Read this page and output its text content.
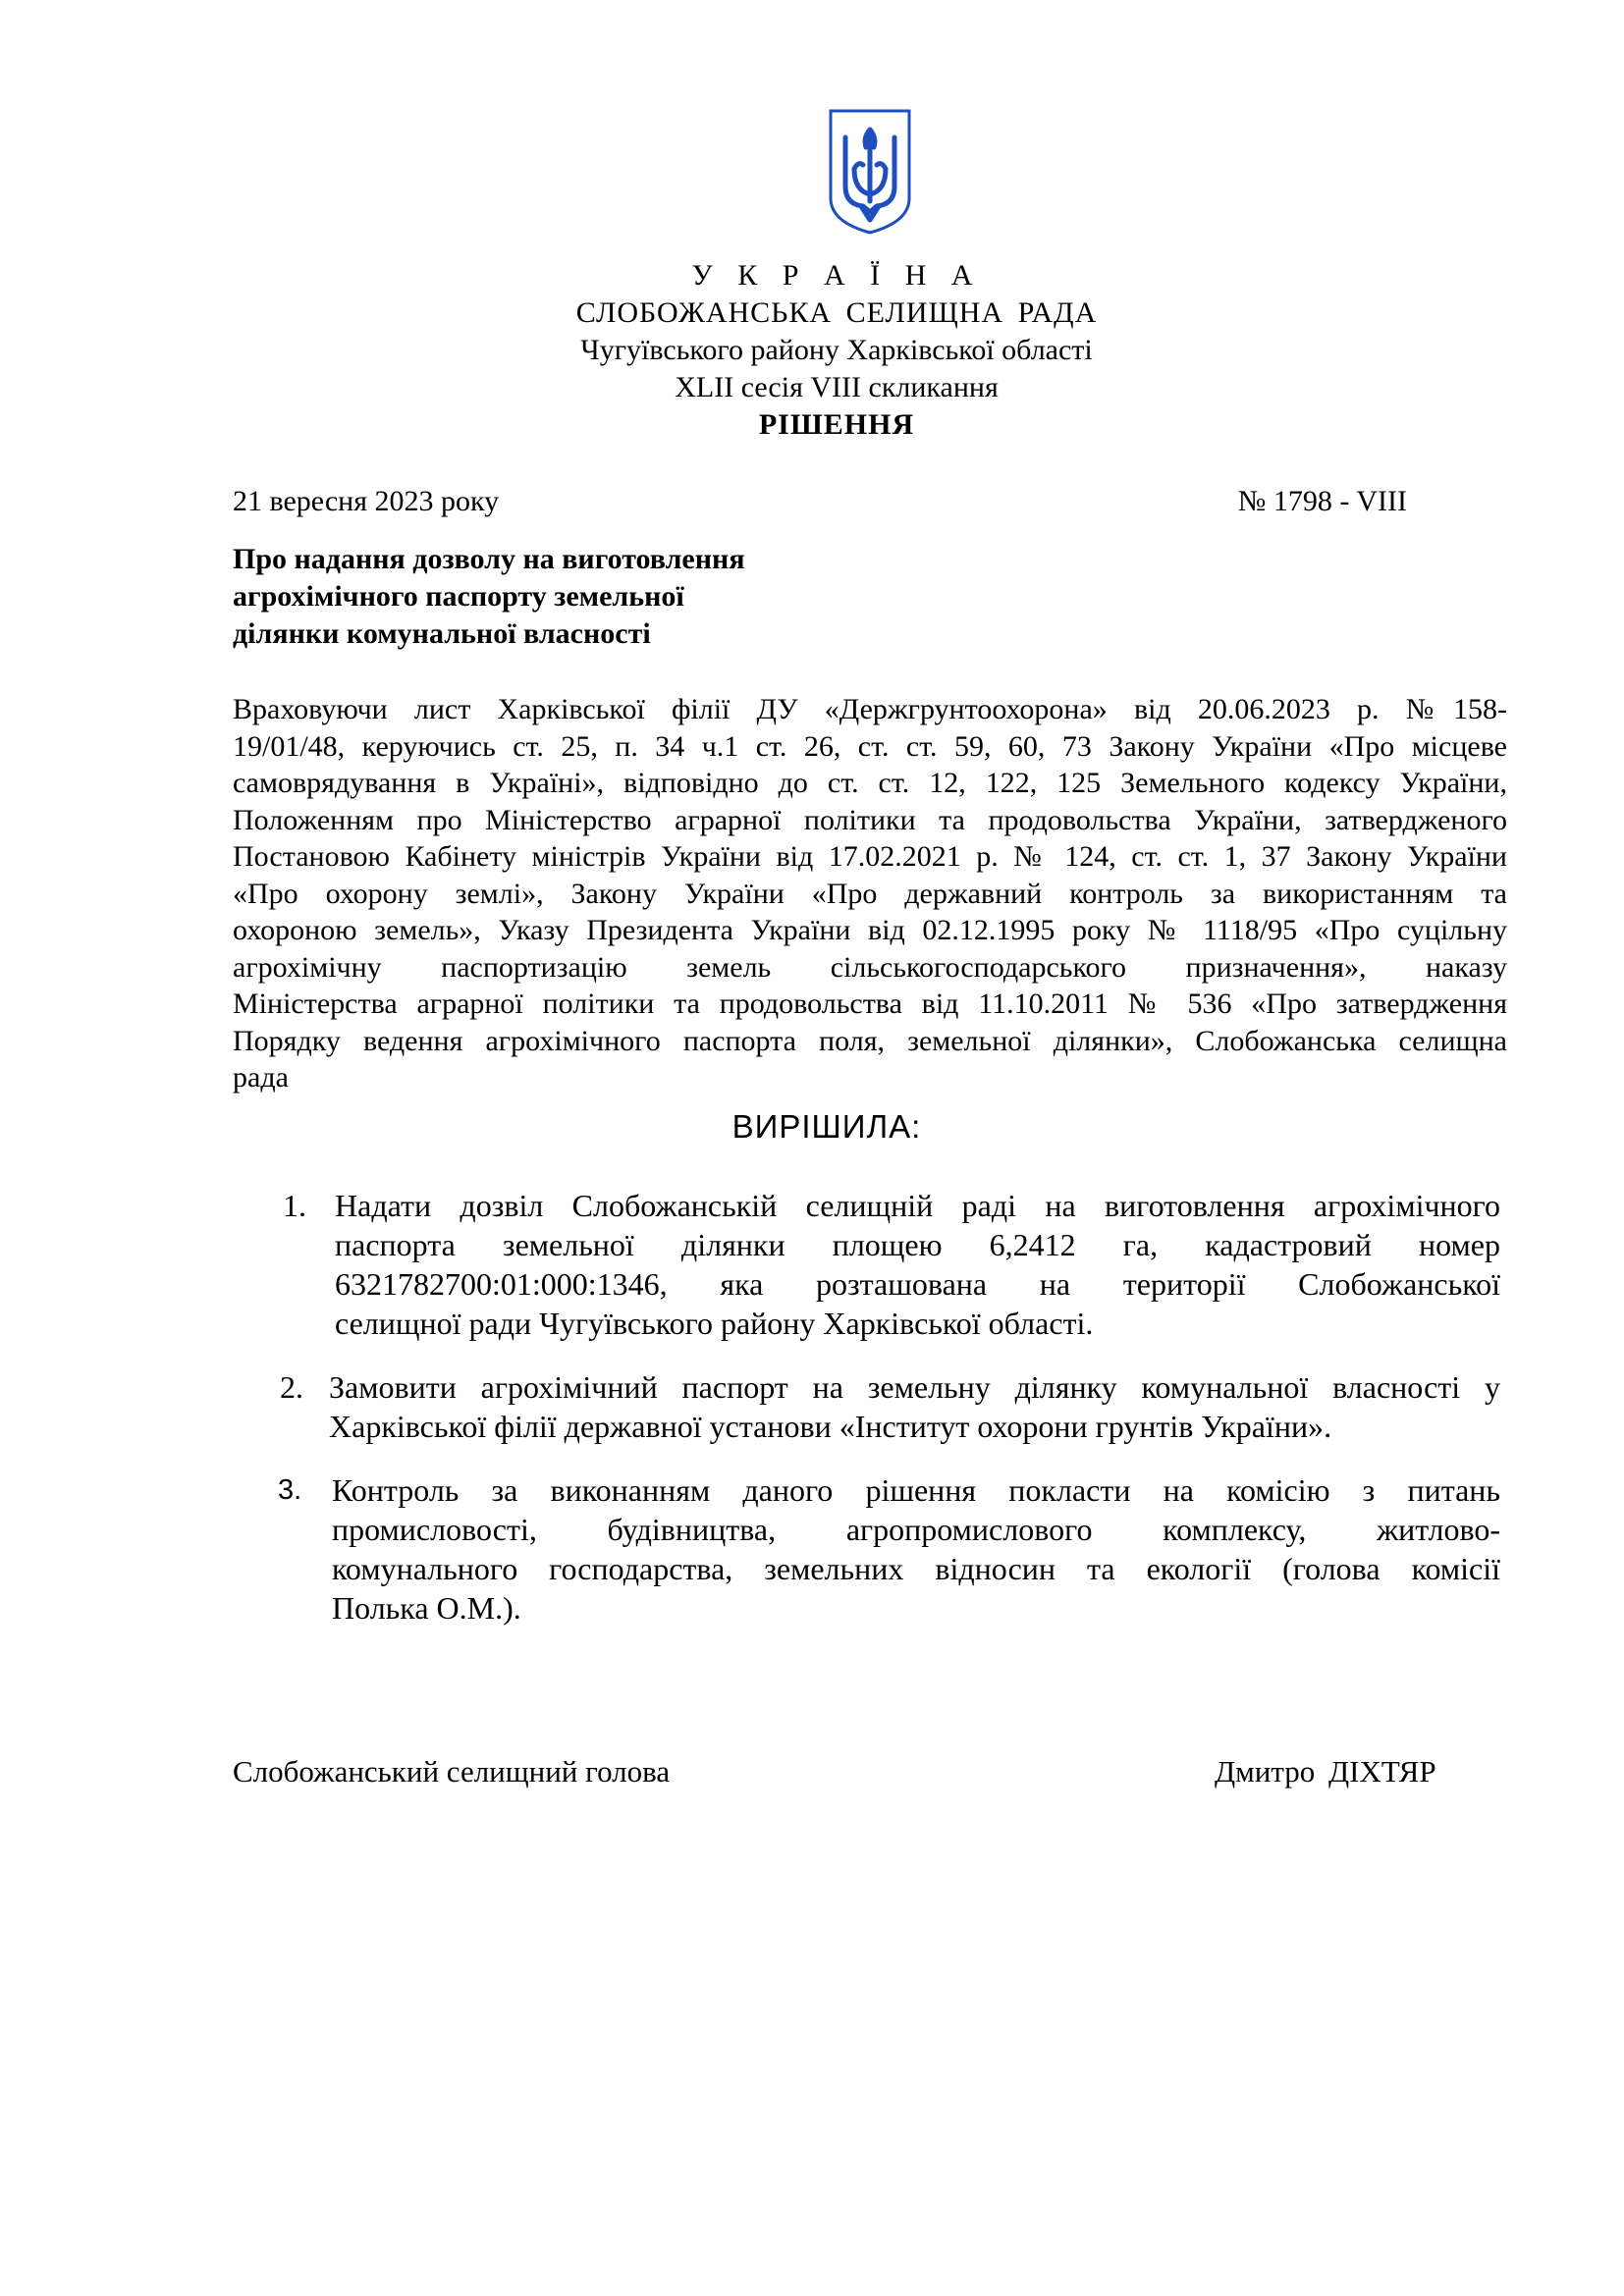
У К Р А Ї Н А
СЛОБОЖАНСЬКА СЕЛИЩНА РАДА
Чугуївського району Харківської області
XLII сесія VIII скликання
РІШЕННЯ
21 вересня 2023 року	№ 1798 - VIII
Про надання дозволу на виготовлення
агрохімічного паспорту земельної
ділянки комунальної власності
Враховуючи лист Харківської філії ДУ «Держгрунтоохорона» від 20.06.2023 р. №158-
19/01/48, керуючись ст. 25, п. 34 ч.1 ст. 26, ст. ст. 59, 60, 73 Закону України «Про місцеве
самоврядування в Україні», відповідно до ст. ст. 12, 122, 125 Земельного кодексу України,
Положенням про Міністерство аграрної політики та продовольства України, затвердженого
Постановою Кабінету міністрів України від 17.02.2021 р. № 124, ст. ст. 1, 37 Закону України
«Про охорону землі», Закону України «Про державний контроль за використанням та
охороною земель», Указу Президента України від 02.12.1995 року № 1118/95 «Про суцільну
агрохімічну паспортизацію земель сільськогосподарського призначення», наказу
Міністерства аграрної політики та продовольства від 11.10.2011 № 536 «Про затвердження
Порядку ведення агрохімічного паспорта поля, земельної ділянки», Слобожанська селищна
рада
ВИРІШИЛА:
1. Надати дозвіл Слобожанській селищній раді на виготовлення агрохімічного
паспорта земельної ділянки площею 6,2412 га, кадастровий номер
6321782700:01:000:1346, яка розташована на території Слобожанської
селищної ради Чугуївського району Харківської області.
2. Замовити агрохімічний паспорт на земельну ділянку комунальної власності у
Харківської філії державної установи «Інститут охорони грунтів України».
3. Контроль за виконанням даного рішення покласти на комісію з питань
промисловості, будівництва, агропромислового комплексу, житлово-
комунального господарства, земельних відносин та екології (голова комісії
Полька О.М.).
Слобожанський селищний голова	Дмитро ДІХТЯР
